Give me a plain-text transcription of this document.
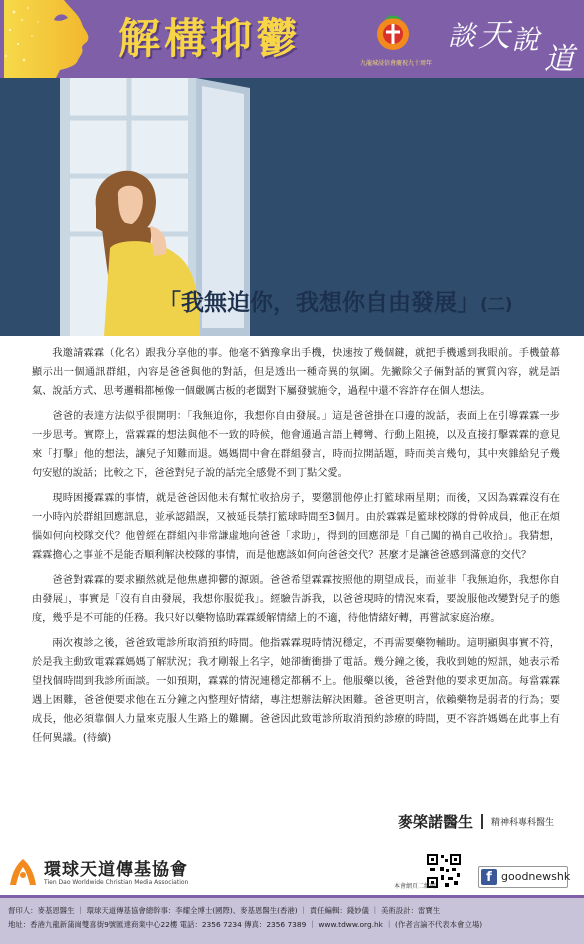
解構抑鬱
九龍城浸信會慶祝九十周年
談 天 說
道
「我無迫你，我想你自由發展」(二)

我邀請霖霖（化名）跟我分享他的事。他毫不猶豫拿出手機，快速按了幾個鍵，就把手機遞到我眼前。手機螢幕顯示出一個通訊群組，內容是爸爸與他的對話，但是透出一種奇異的氛圍。先撇除父子倆對話的實質內容，就是語氣、說話方式、思考邏輯都極像一個嚴厲古板的老闆對下屬發號施令，過程中還不容許存在個人想法。

爸爸的表達方法似乎很開明：「我無迫你，我想你自由發展。」這是爸爸掛在口邊的說話，表面上在引導霖霖一步一步思考。實際上，當霖霖的想法與他不一致的時候，他會通過言語上轉彎、行動上阻撓，以及直接打擊霖霖的意見來「打擊」他的想法，讓兒子知難而退。媽媽間中會在群組發言，時而拉開話題，時而美言幾句，其中夾雜給兒子幾句安慰的說話；比較之下，爸爸對兒子說的話完全感覺不到丁點父愛。

現時困擾霖霖的事情，就是爸爸因他未有幫忙收拾房子，要懲罰他停止打籃球兩星期；而後，又因為霖霖沒有在一小時內於群組回應訊息，並承認錯誤，又被延長禁打籃球時間至3個月。由於霖霖是籃球校隊的骨幹成員，他正在煩惱如何向校隊交代？他曾經在群組內非常謙虛地向爸爸「求助」，得到的回應卻是「自己闖的禍自己收拾」。我猜想，霖霖擔心之事並不是能否順利解決校隊的事情，而是他應該如何向爸爸交代？甚麼才是讓爸爸感到滿意的交代？

爸爸對霖霖的要求顯然就是他焦慮抑鬱的源頭。爸爸希望霖霖按照他的期望成長，而並非「我無迫你，我想你自由發展」，事實是「沒有自由發展，我想你服從我」。經驗告訴我，以爸爸現時的情況來看，要說服他改變對兒子的態度，幾乎是不可能的任務。我只好以藥物協助霖霖緩解情緒上的不適，待他情緒好轉，再嘗試家庭治療。

兩次複診之後，爸爸致電診所取消預約時間。他指霖霖現時情況穩定，不再需要藥物輔助。這明顯與事實不符，於是我主動致電霖霖媽媽了解狀況；我才剛報上名字，她卻衝衝掛了電話。幾分鐘之後，我收到她的短訊，她表示希望找個時間到我診所面談。一如預期，霖霖的情況連穩定都稱不上。他服藥以後，爸爸對他的要求更加高。每當霖霖遇上困難，爸爸便要求他在五分鐘之內整理好情緒，專注想辦法解決困難。爸爸更明言，依賴藥物是弱者的行為；要成長，他必須靠個人力量來克服人生路上的難關。爸爸因此致電診所取消預約診療的時間，更不容許媽媽在此事上有任何異議。(待續)

麥棨諾醫生 精神科專科醫生
環球天道傳基協會
Tien Dao Worldwide Christian Media Association
本會網頁二維碼
f goodnewshk
督印人：麥基恩醫生 ｜ 環球天道傳基協會總幹事：李耀全博士(國際)、麥基恩醫生(香港) ｜ 責任編輯：錢妙儀 ｜ 美術設計：雷寶生
地址：香港九龍新蒲崗雙喜街9號匯達商業中心22樓 電話：2356 7234 傳真：2356 7389 ｜ www.tdww.org.hk ｜ (作者言論不代表本會立場)
